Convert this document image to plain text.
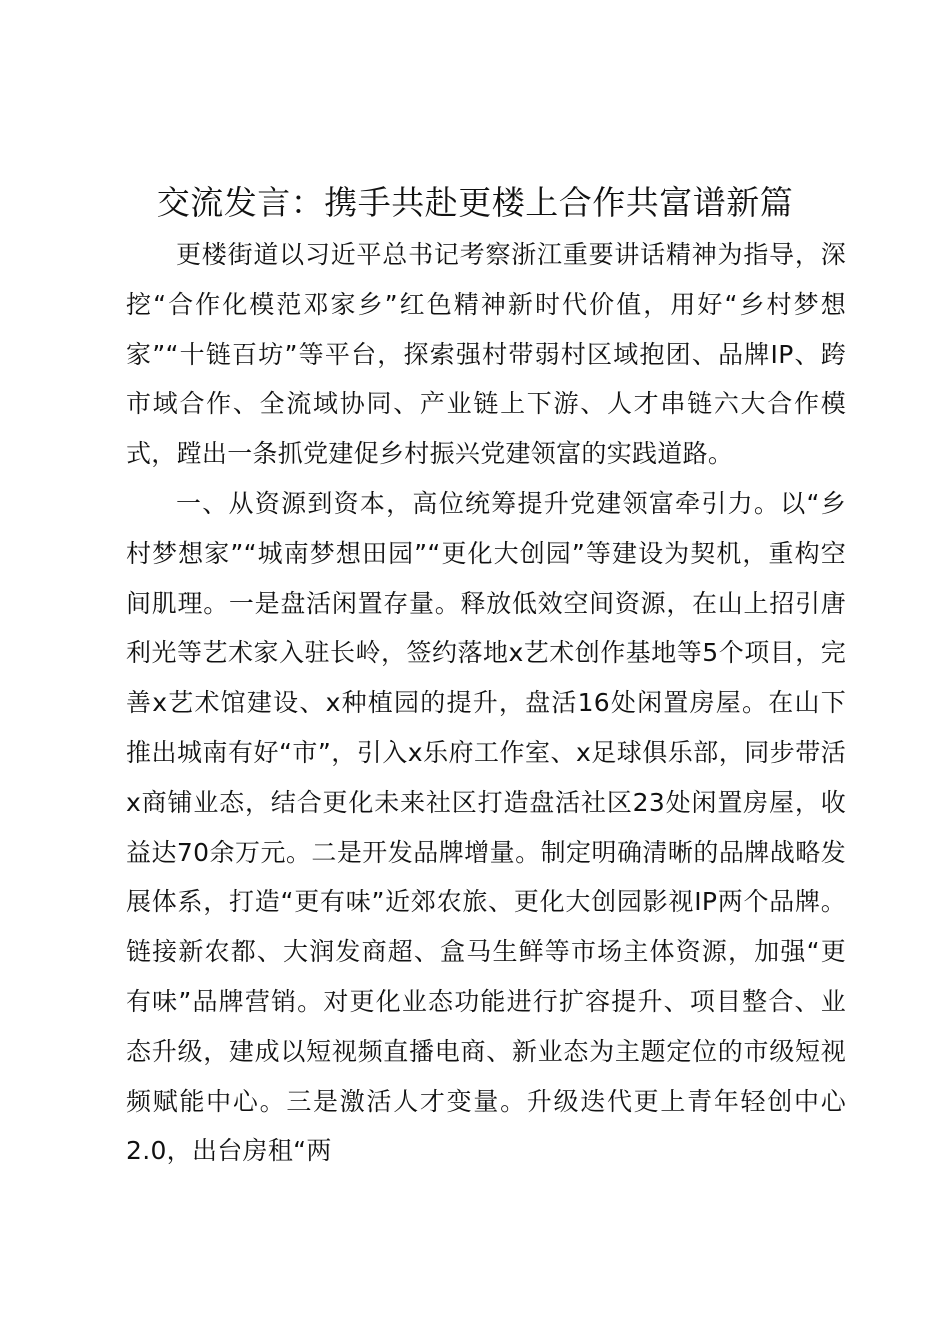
交流发言：携手共赴更楼上合作共富谱新篇

更楼街道以习近平总书记考察浙江重要讲话精神为指导，深挖“合作化模范邓家乡”红色精神新时代价值，用好“乡村梦想家”“十链百坊”等平台，探索强村带弱村区域抱团、品牌IP、跨市域合作、全流域协同、产业链上下游、人才串链六大合作模式，蹚出一条抓党建促乡村振兴党建领富的实践道路。

一、从资源到资本，高位统筹提升党建领富牵引力。以“乡村梦想家”“城南梦想田园”“更化大创园”等建设为契机，重构空间肌理。一是盘活闲置存量。释放低效空间资源，在山上招引唐利光等艺术家入驻长岭，签约落地x艺术创作基地等5个项目，完善x艺术馆建设、x种植园的提升，盘活16处闲置房屋。在山下推出城南有好“市”，引入x乐府工作室、x足球俱乐部，同步带活x商铺业态，结合更化未来社区打造盘活社区23处闲置房屋，收益达70余万元。二是开发品牌增量。制定明确清晰的品牌战略发展体系，打造“更有味”近郊农旅、更化大创园影视IP两个品牌。链接新农都、大润发商超、盒马生鲜等市场主体资源，加强“更有味”品牌营销。对更化业态功能进行扩容提升、项目整合、业态升级，建成以短视频直播电商、新业态为主题定位的市级短视频赋能中心。三是激活人才变量。升级迭代更上青年轻创中心2.0，出台房租“两
